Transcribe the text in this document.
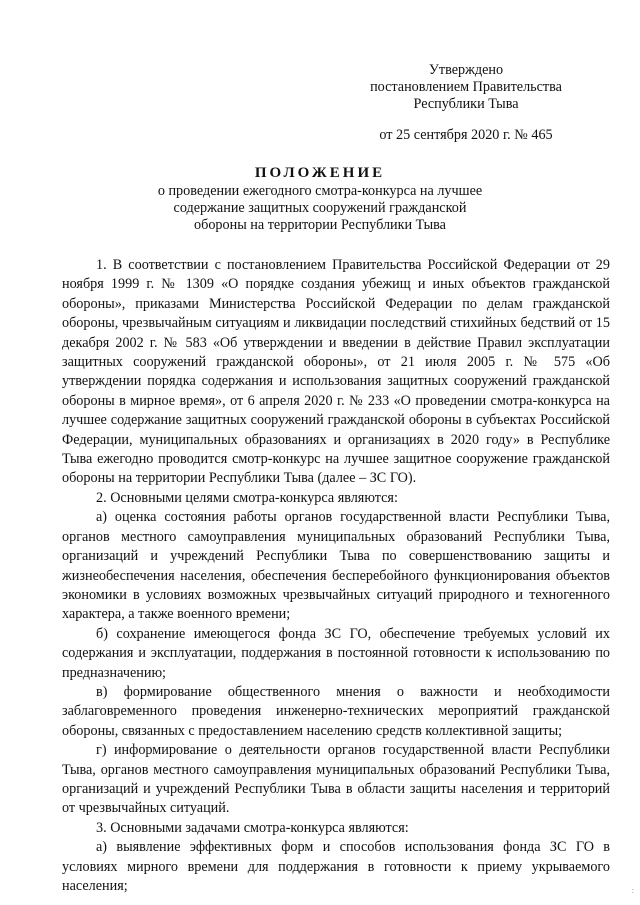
Утверждено
постановлением Правительства
Республики Тыва
от 25 сентября 2020 г. № 465
ПОЛОЖЕНИЕ
о проведении ежегодного смотра-конкурса на лучшее
содержание защитных сооружений гражданской
обороны на территории Республики Тыва

1. В соответствии с постановлением Правительства Российской Федерации от 29 ноября 1999 г. № 1309 «О порядке создания убежищ и иных объектов гражданской обороны», приказами Министерства Российской Федерации по делам гражданской обороны, чрезвычайным ситуациям и ликвидации последствий стихийных бедствий от 15 декабря 2002 г. № 583 «Об утверждении и введении в действие Правил эксплуатации защитных сооружений гражданской обороны», от 21 июля 2005 г. № 575 «Об утверждении порядка содержания и использования защитных сооружений гражданской обороны в мирное время», от 6 апреля 2020 г. № 233 «О проведении смотра-конкурса на лучшее содержание защитных сооружений гражданской обороны в субъектах Российской Федерации, муниципальных образованиях и организациях в 2020 году» в Республике Тыва ежегодно проводится смотр-конкурс на лучшее защитное сооружение гражданской обороны на территории Республики Тыва (далее – ЗС ГО).

2. Основными целями смотра-конкурса являются:

а) оценка состояния работы органов государственной власти Республики Тыва, органов местного самоуправления муниципальных образований Республики Тыва, организаций и учреждений Республики Тыва по совершенствованию защиты и жизнеобеспечения населения, обеспечения бесперебойного функционирования объектов экономики в условиях возможных чрезвычайных ситуаций природного и техногенного характера, а также военного времени;

б) сохранение имеющегося фонда ЗС ГО, обеспечение требуемых условий их содержания и эксплуатации, поддержания в постоянной готовности к использованию по предназначению;

в) формирование общественного мнения о важности и необходимости заблаговременного проведения инженерно-технических мероприятий гражданской обороны, связанных с предоставлением населению средств коллективной защиты;

г) информирование о деятельности органов государственной власти Республики Тыва, органов местного самоуправления муниципальных образований Республики Тыва, организаций и учреждений Республики Тыва в области защиты населения и территорий от чрезвычайных ситуаций.

3. Основными задачами смотра-конкурса являются:

а) выявление эффективных форм и способов использования фонда ЗС ГО в условиях мирного времени для поддержания в готовности к приему укрываемого населения;	:
